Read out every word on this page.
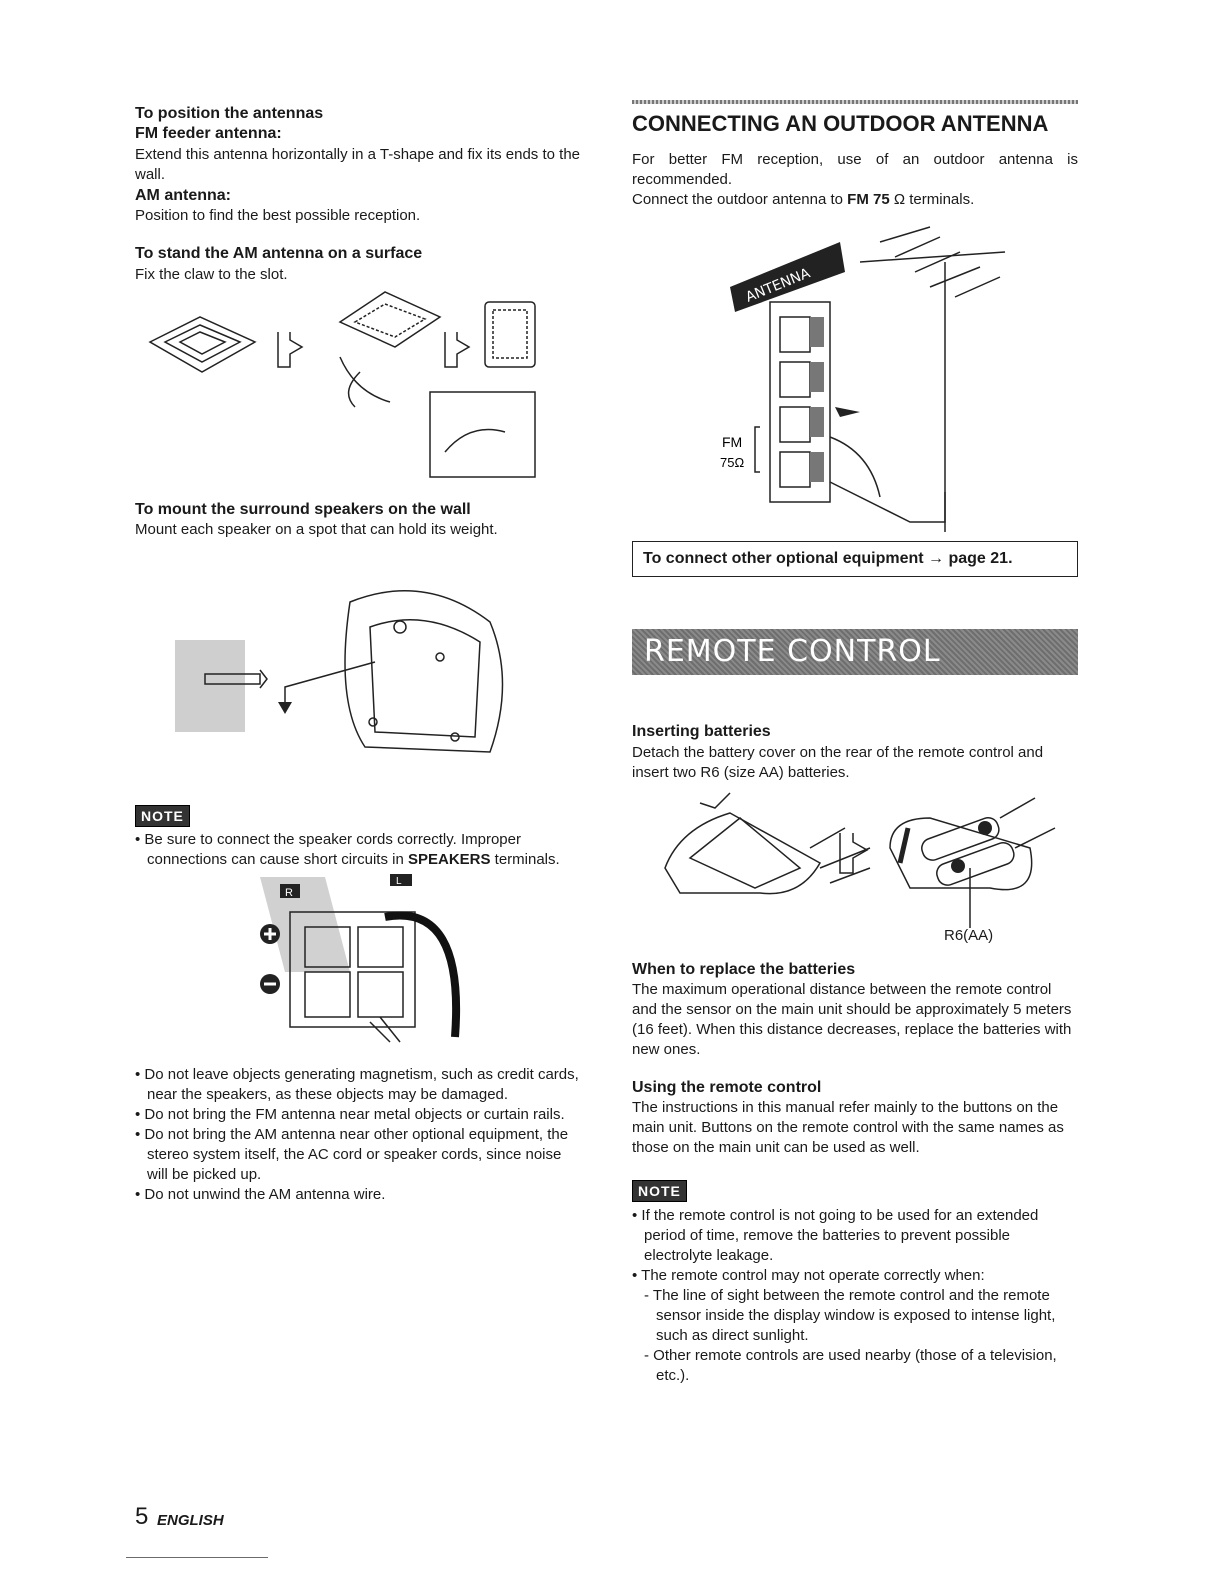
To position the antennas
FM feeder antenna:
Extend this antenna horizontally in a T-shape and fix its ends to the wall.
AM antenna:
Position to find the best possible reception.
To stand the AM antenna on a surface
Fix the claw to the slot.
To mount the surround speakers on the wall
Mount each speaker on a spot that can hold its weight.
NOTE
• Be sure to connect the speaker cords correctly. Improper connections can cause short circuits in SPEAKERS terminals.
R
L
• Do not leave objects generating magnetism, such as credit cards, near the speakers, as these objects may be damaged.
• Do not bring the FM antenna near metal objects or curtain rails.
• Do not bring the AM antenna near other optional equipment, the stereo system itself, the AC cord or speaker cords, since noise will be picked up.
• Do not unwind the AM antenna wire.
CONNECTING AN OUTDOOR ANTENNA
For better FM reception, use of an outdoor antenna is recommended.
Connect the outdoor antenna to FM 75 Ω terminals.
ANTENNA
FM
75Ω
To connect other optional equipment → page 21.
REMOTE CONTROL
Inserting batteries
Detach the battery cover on the rear of the remote control and insert two R6 (size AA) batteries.
R6(AA)
When to replace the batteries
The maximum operational distance between the remote control and the sensor on the main unit should be approximately 5 meters (16 feet). When this distance decreases, replace the batteries with new ones.
Using the remote control
The instructions in this manual refer mainly to the buttons on the main unit. Buttons on the remote control with the same names as those on the main unit can be used as well.
NOTE
• If the remote control is not going to be used for an extended period of time, remove the batteries to prevent possible electrolyte leakage.
• The remote control may not operate correctly when:
- The line of sight between the remote control and the remote sensor inside the display window is exposed to intense light, such as direct sunlight.
- Other remote controls are used nearby (those of a television, etc.).
5 ENGLISH
